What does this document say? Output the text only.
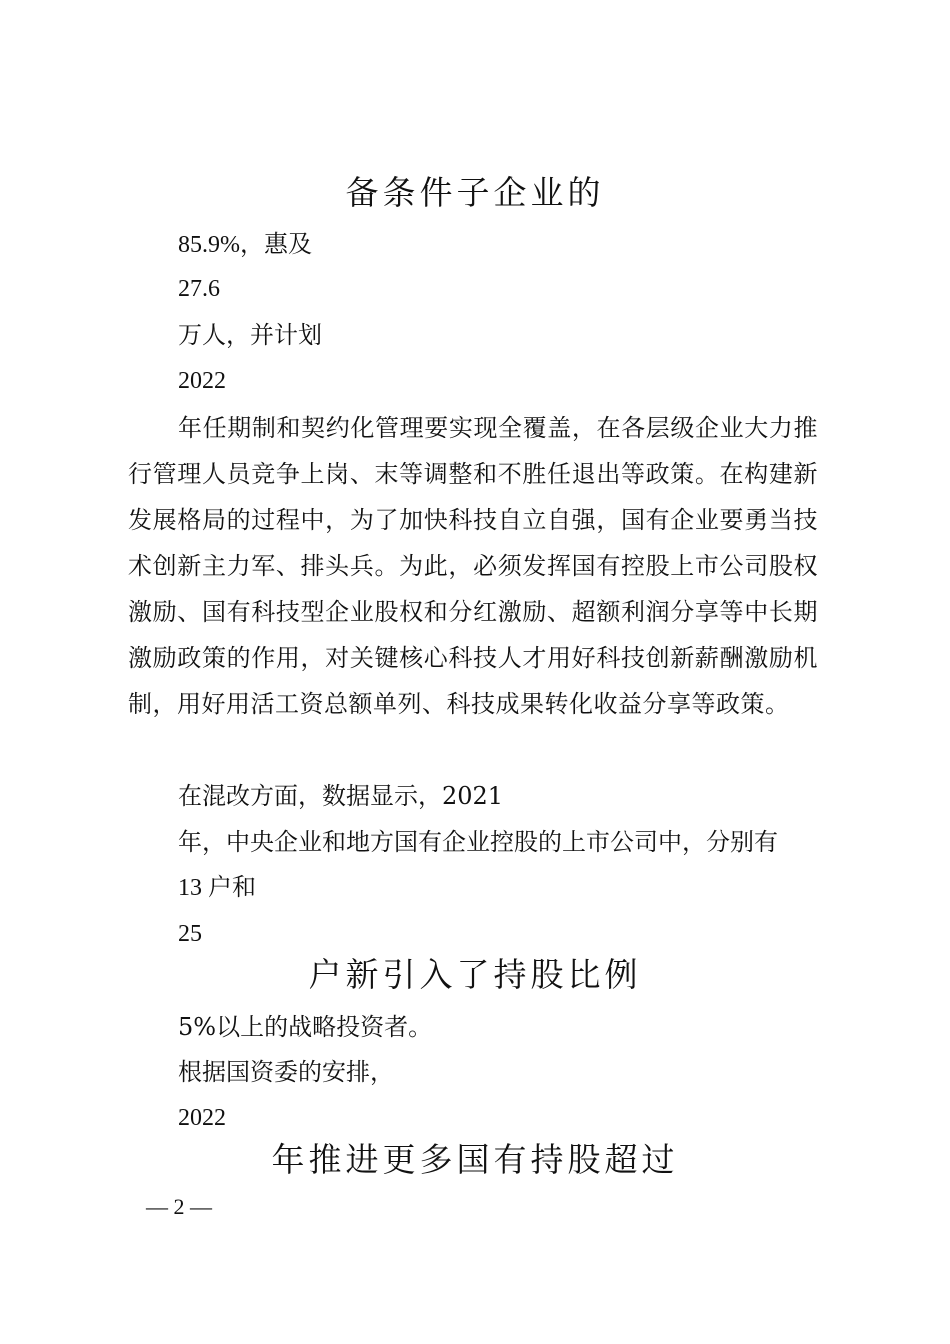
备条件子企业的
85.9%，惠及
27.6
万人，并计划
2022
年任期制和契约化管理要实现全覆盖，在各层级企业大力推行管理人员竞争上岗、末等调整和不胜任退出等政策。在构建新发展格局的过程中，为了加快科技自立自强，国有企业要勇当技术创新主力军、排头兵。为此，必须发挥国有控股上市公司股权激励、国有科技型企业股权和分红激励、超额利润分享等中长期激励政策的作用，对关键核心科技人才用好科技创新薪酬激励机制，用好用活工资总额单列、科技成果转化收益分享等政策。
在混改方面，数据显示，2021
年，中央企业和地方国有企业控股的上市公司中，分别有
13 户和
25
户新引入了持股比例
5%以上的战略投资者。
根据国资委的安排，
2022
年推进更多国有持股超过
— 2 —
